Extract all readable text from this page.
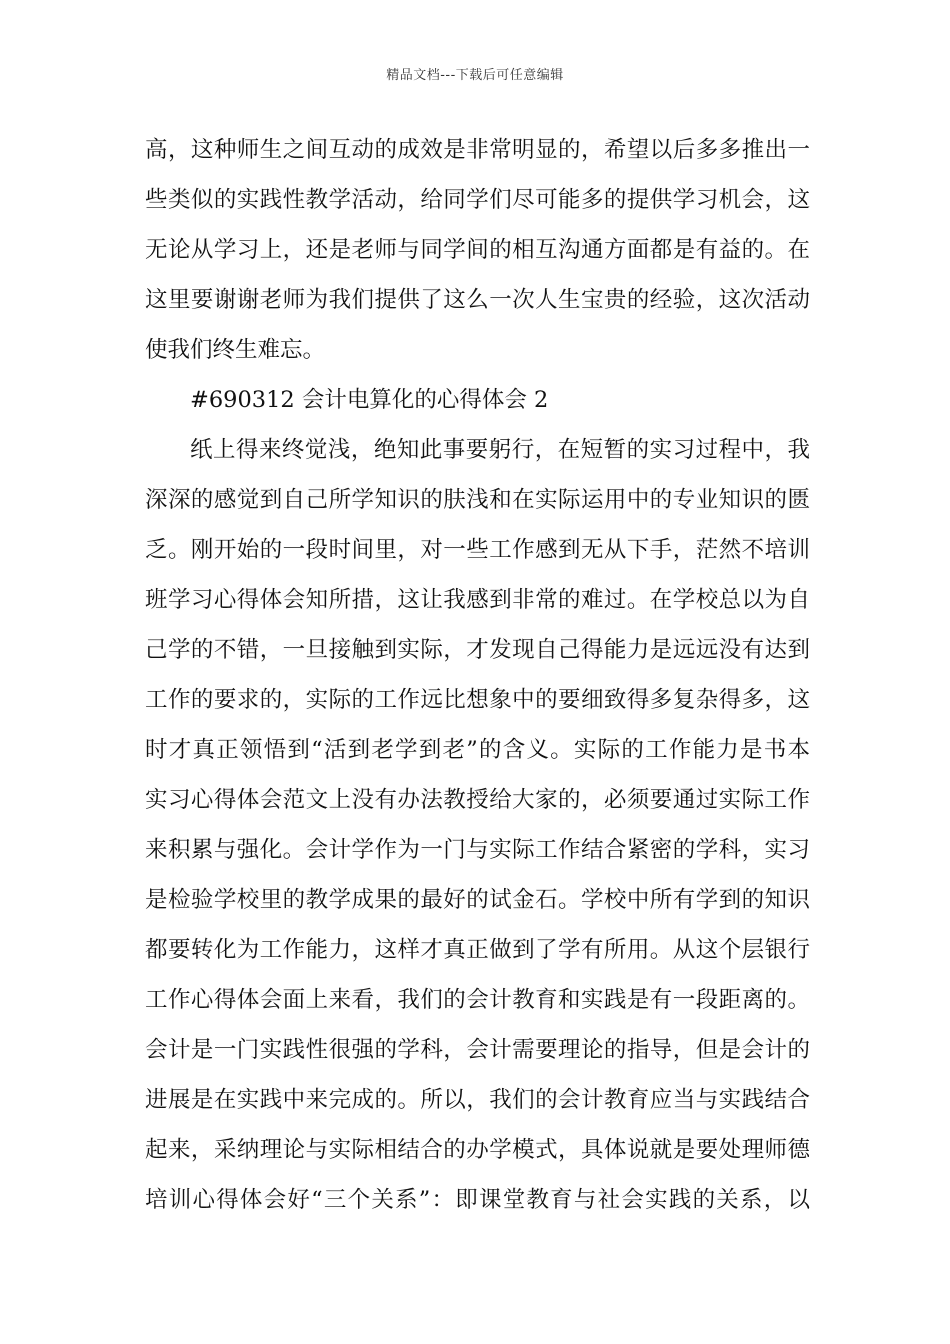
精品文档---下载后可任意编辑
高，这种师生之间互动的成效是非常明显的，希望以后多多推出一
些类似的实践性教学活动，给同学们尽可能多的提供学习机会，这
无论从学习上，还是老师与同学间的相互沟通方面都是有益的。在
这里要谢谢老师为我们提供了这么一次人生宝贵的经验，这次活动
使我们终生难忘。
#690312 会计电算化的心得体会 2
纸上得来终觉浅，绝知此事要躬行，在短暂的实习过程中，我
深深的感觉到自己所学知识的肤浅和在实际运用中的专业知识的匮
乏。刚开始的一段时间里，对一些工作感到无从下手，茫然不培训
班学习心得体会知所措，这让我感到非常的难过。在学校总以为自
己学的不错，一旦接触到实际，才发现自己得能力是远远没有达到
工作的要求的，实际的工作远比想象中的要细致得多复杂得多，这
时才真正领悟到“活到老学到老”的含义。实际的工作能力是书本
实习心得体会范文上没有办法教授给大家的，必须要通过实际工作
来积累与强化。会计学作为一门与实际工作结合紧密的学科，实习
是检验学校里的教学成果的最好的试金石。学校中所有学到的知识
都要转化为工作能力，这样才真正做到了学有所用。从这个层银行
工作心得体会面上来看，我们的会计教育和实践是有一段距离的。
会计是一门实践性很强的学科，会计需要理论的指导，但是会计的
进展是在实践中来完成的。所以，我们的会计教育应当与实践结合
起来，采纳理论与实际相结合的办学模式，具体说就是要处理师德
培训心得体会好“三个关系”：即课堂教育与社会实践的关系，以
